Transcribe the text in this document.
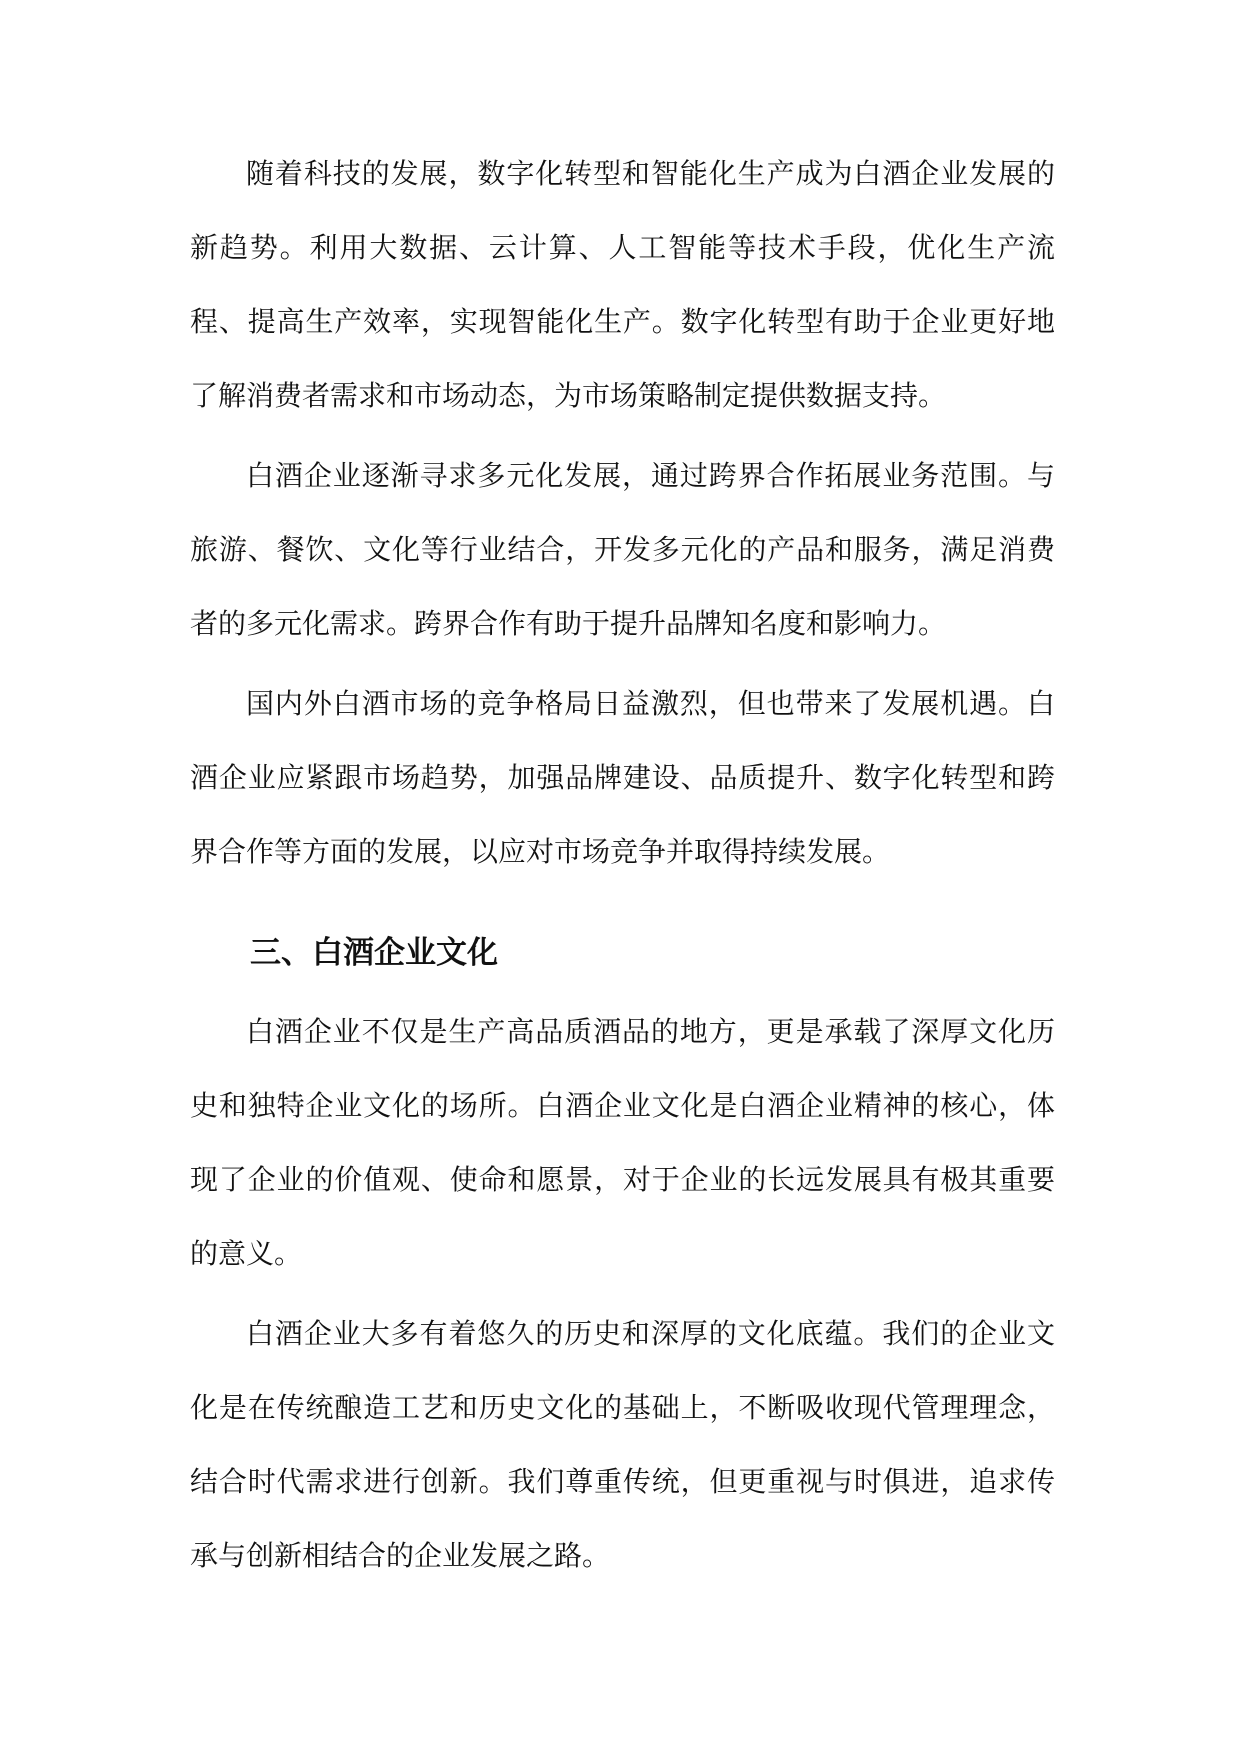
随着科技的发展，数字化转型和智能化生产成为白酒企业发展的新趋势。利用大数据、云计算、人工智能等技术手段，优化生产流程、提高生产效率，实现智能化生产。数字化转型有助于企业更好地了解消费者需求和市场动态，为市场策略制定提供数据支持。

白酒企业逐渐寻求多元化发展，通过跨界合作拓展业务范围。与旅游、餐饮、文化等行业结合，开发多元化的产品和服务，满足消费者的多元化需求。跨界合作有助于提升品牌知名度和影响力。

国内外白酒市场的竞争格局日益激烈，但也带来了发展机遇。白酒企业应紧跟市场趋势，加强品牌建设、品质提升、数字化转型和跨界合作等方面的发展，以应对市场竞争并取得持续发展。

三、白酒企业文化

白酒企业不仅是生产高品质酒品的地方，更是承载了深厚文化历史和独特企业文化的场所。白酒企业文化是白酒企业精神的核心，体现了企业的价值观、使命和愿景，对于企业的长远发展具有极其重要的意义。

白酒企业大多有着悠久的历史和深厚的文化底蕴。我们的企业文化是在传统酿造工艺和历史文化的基础上，不断吸收现代管理理念，结合时代需求进行创新。我们尊重传统，但更重视与时俱进，追求传承与创新相结合的企业发展之路。
